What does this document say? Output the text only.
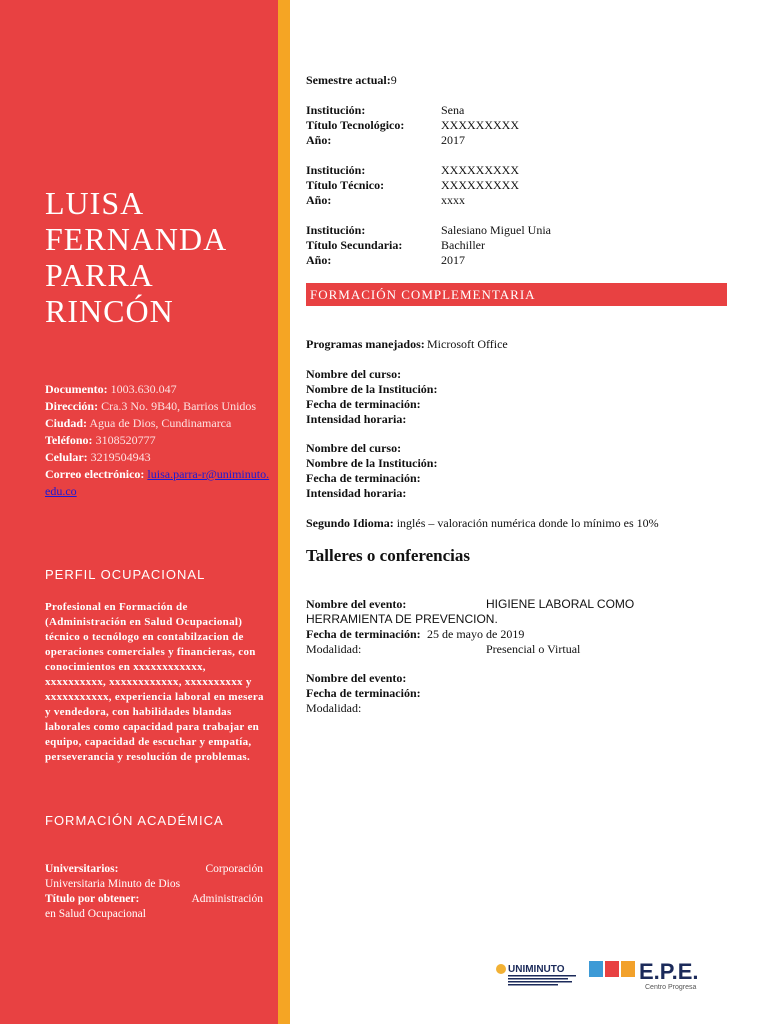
LUISA
FERNANDA
PARRA
RINCÓN
Documento: 1003.630.047
Dirección: Cra.3 No. 9B40, Barrios Unidos
Ciudad: Agua de Dios, Cundinamarca
Teléfono: 3108520777
Celular: 3219504943
Correo electrónico: luisa.parra-r@uniminuto.edu.co
PERFIL OCUPACIONAL
Profesional en Formación de (Administración en Salud Ocupacional) técnico o tecnólogo en contabilzacion de operaciones comerciales y financieras, con conocimientos en xxxxxxxxxxxx, xxxxxxxxxx, xxxxxxxxxxxx, xxxxxxxxxx y xxxxxxxxxxx, experiencia laboral en mesera y vendedora, con habilidades blandas laborales como capacidad para trabajar en equipo, capacidad de escuchar y empatía, perseverancia y resolución de problemas.
FORMACIÓN ACADÉMICA
Universitarios:	Corporación
Universitaria Minuto de Dios
Título por obtener:	Administración
en Salud Ocupacional
Semestre actual:9
Institución:	Sena
Título Tecnológico:	XXXXXXXXX
Año:	2017
Institución:	XXXXXXXXX
Título Técnico:	XXXXXXXXX
Año:	xxxx
Institución:	Salesiano Miguel Unia
Título Secundaria:	Bachiller
Año:	2017
FORMACIÓN COMPLEMENTARIA
Programas manejados: Microsoft Office
Nombre del curso:
Nombre de la Institución:
Fecha de terminación:
Intensidad horaria:
Nombre del curso:
Nombre de la Institución:
Fecha de terminación:
Intensidad horaria:
Segundo Idioma: inglés – valoración numérica donde lo mínimo es 10%
Talleres o conferencias
Nombre del evento:	HIGIENE LABORAL COMO
HERRAMIENTA DE PREVENCION.
Fecha de terminación: 25 de mayo de 2019
Modalidad:	Presencial o Virtual
Nombre del evento:
Fecha de terminación:
Modalidad:
UNIMINUTO	E.P.E.
Centro Progresa
